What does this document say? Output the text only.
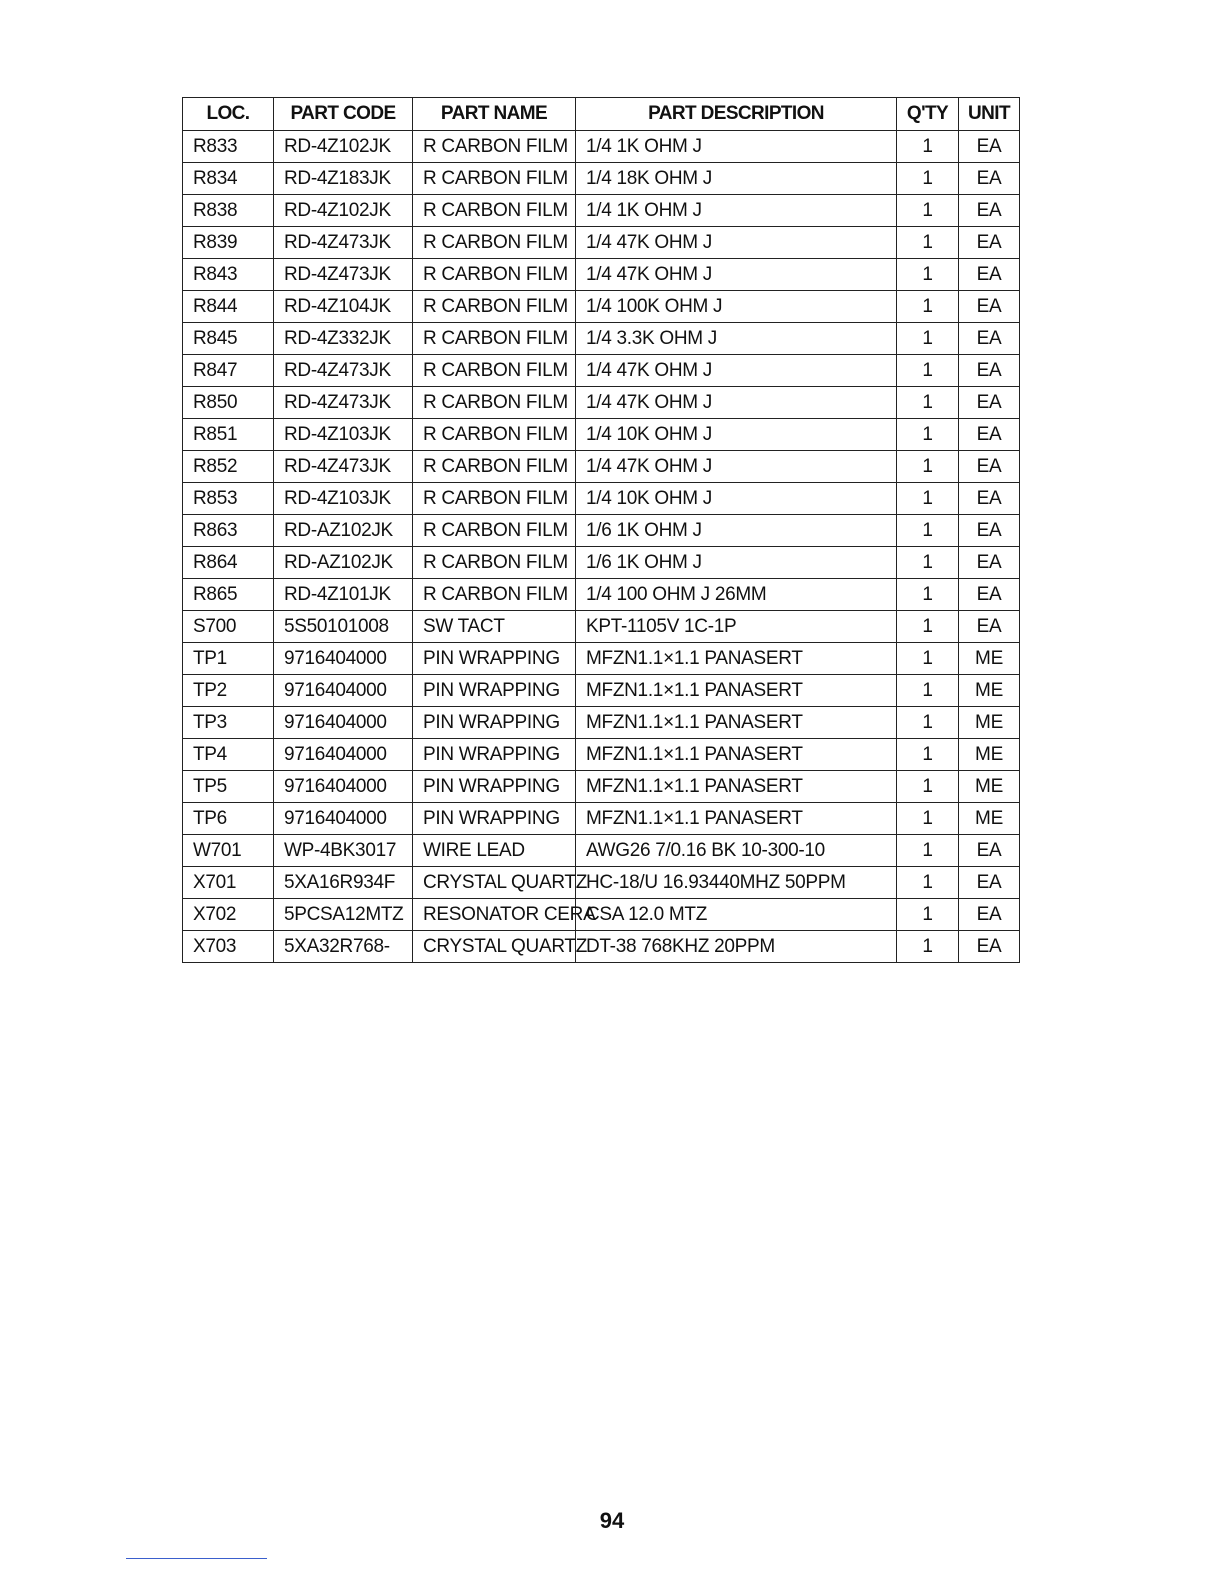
LOC.	PART CODE	PART NAME	PART DESCRIPTION	Q'TY	UNIT
R833	RD-4Z102JK	R CARBON FILM	1/4 1K OHM J	1	EA
R834	RD-4Z183JK	R CARBON FILM	1/4 18K OHM J	1	EA
R838	RD-4Z102JK	R CARBON FILM	1/4 1K OHM J	1	EA
R839	RD-4Z473JK	R CARBON FILM	1/4 47K OHM J	1	EA
R843	RD-4Z473JK	R CARBON FILM	1/4 47K OHM J	1	EA
R844	RD-4Z104JK	R CARBON FILM	1/4 100K OHM J	1	EA
R845	RD-4Z332JK	R CARBON FILM	1/4 3.3K OHM J	1	EA
R847	RD-4Z473JK	R CARBON FILM	1/4 47K OHM J	1	EA
R850	RD-4Z473JK	R CARBON FILM	1/4 47K OHM J	1	EA
R851	RD-4Z103JK	R CARBON FILM	1/4 10K OHM J	1	EA
R852	RD-4Z473JK	R CARBON FILM	1/4 47K OHM J	1	EA
R853	RD-4Z103JK	R CARBON FILM	1/4 10K OHM J	1	EA
R863	RD-AZ102JK	R CARBON FILM	1/6 1K OHM J	1	EA
R864	RD-AZ102JK	R CARBON FILM	1/6 1K OHM J	1	EA
R865	RD-4Z101JK	R CARBON FILM	1/4 100 OHM J 26MM	1	EA
S700	5S50101008	SW TACT	KPT-1105V 1C-1P	1	EA
TP1	9716404000	PIN WRAPPING	MFZN1.1×1.1 PANASERT	1	ME
TP2	9716404000	PIN WRAPPING	MFZN1.1×1.1 PANASERT	1	ME
TP3	9716404000	PIN WRAPPING	MFZN1.1×1.1 PANASERT	1	ME
TP4	9716404000	PIN WRAPPING	MFZN1.1×1.1 PANASERT	1	ME
TP5	9716404000	PIN WRAPPING	MFZN1.1×1.1 PANASERT	1	ME
TP6	9716404000	PIN WRAPPING	MFZN1.1×1.1 PANASERT	1	ME
W701	WP-4BK3017	WIRE LEAD	AWG26 7/0.16 BK 10-300-10	1	EA
X701	5XA16R934F	CRYSTAL QUARTZ	HC-18/U 16.93440MHZ 50PPM	1	EA
X702	5PCSA12MTZ	RESONATOR CERA	CSA 12.0 MTZ	1	EA
X703	5XA32R768-	CRYSTAL QUARTZ	DT-38 768KHZ 20PPM	1	EA
94
